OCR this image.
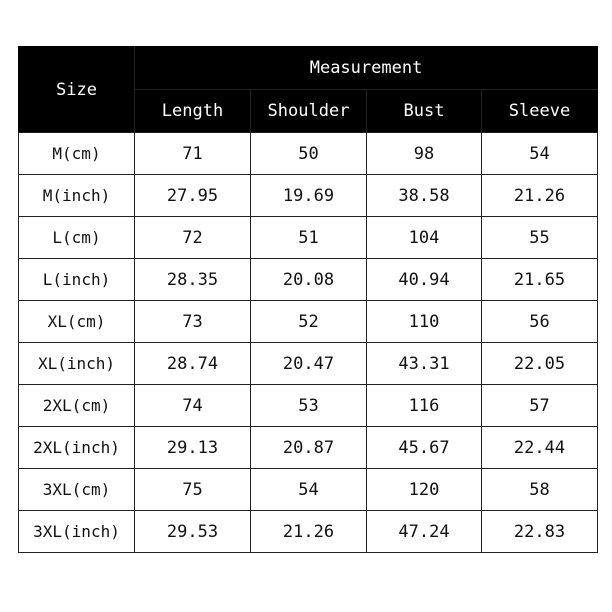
Size	Measurement			
	Length	Shoulder	Bust	Sleeve
M(cm)	71	50	98	54
M(inch)	27.95	19.69	38.58	21.26
L(cm)	72	51	104	55
L(inch)	28.35	20.08	40.94	21.65
XL(cm)	73	52	110	56
XL(inch)	28.74	20.47	43.31	22.05
2XL(cm)	74	53	116	57
2XL(inch)	29.13	20.87	45.67	22.44
3XL(cm)	75	54	120	58
3XL(inch)	29.53	21.26	47.24	22.83
